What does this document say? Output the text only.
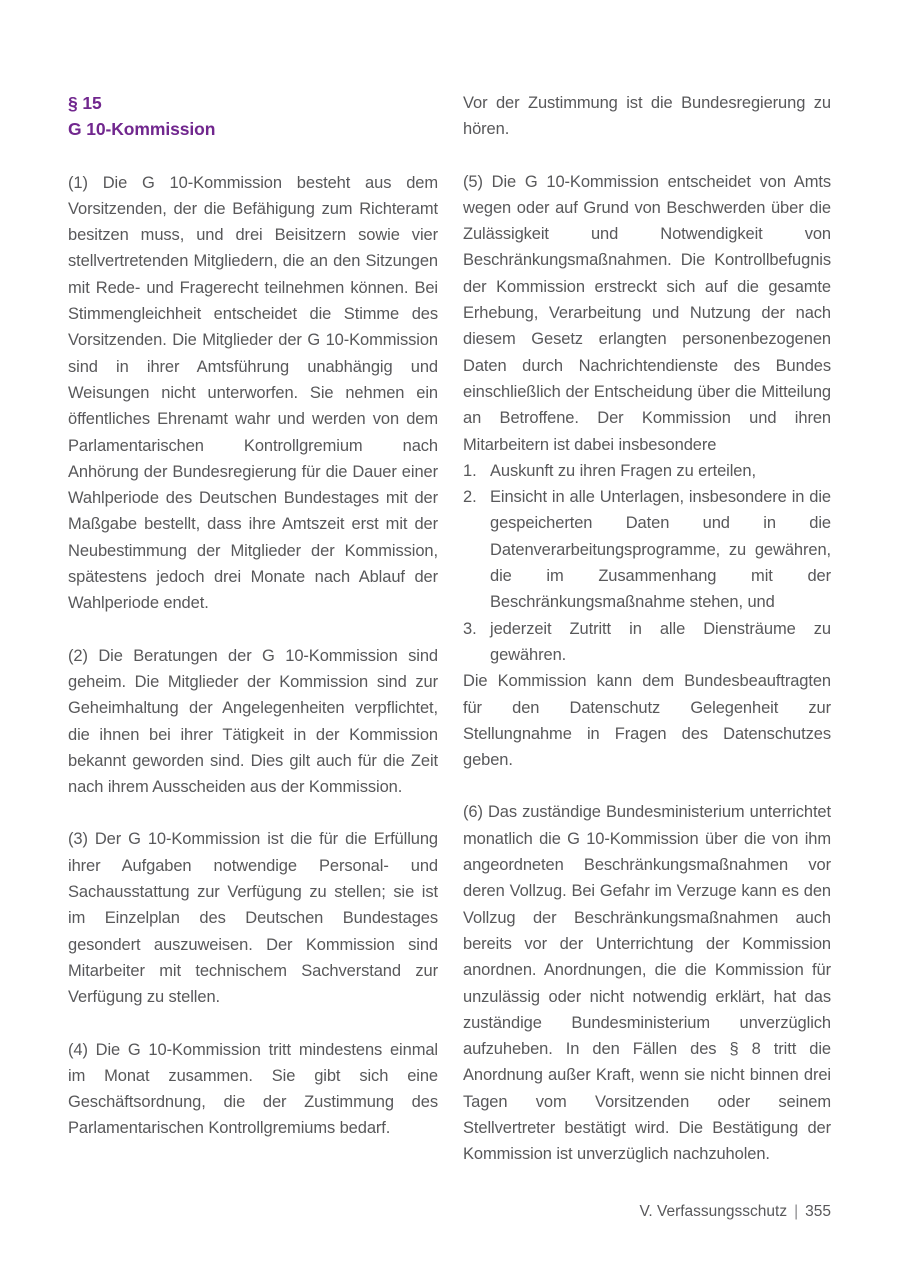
§ 15
G 10-Kommission

(1) Die G 10-Kommission besteht aus dem Vorsitzenden, der die Befähigung zum Richteramt besitzen muss, und drei Beisitzern sowie vier stellvertretenden Mitgliedern, die an den Sitzungen mit Rede- und Fragerecht teilnehmen können. Bei Stimmengleichheit entscheidet die Stimme des Vorsitzenden. Die Mitglieder der G 10-Kommission sind in ihrer Amtsführung unabhängig und Weisungen nicht unterworfen. Sie nehmen ein öffentliches Ehrenamt wahr und werden von dem Parlamentarischen Kontrollgremium nach Anhörung der Bundesregierung für die Dauer einer Wahlperiode des Deutschen Bundestages mit der Maßgabe bestellt, dass ihre Amtszeit erst mit der Neubestimmung der Mitglieder der Kommission, spätestens jedoch drei Monate nach Ablauf der Wahlperiode endet.

(2) Die Beratungen der G 10-Kommission sind geheim. Die Mitglieder der Kommission sind zur Geheimhaltung der Angelegenheiten verpflichtet, die ihnen bei ihrer Tätigkeit in der Kommission bekannt geworden sind. Dies gilt auch für die Zeit nach ihrem Ausscheiden aus der Kommission.

(3) Der G 10-Kommission ist die für die Erfüllung ihrer Aufgaben notwendige Personal- und Sachausstattung zur Verfügung zu stellen; sie ist im Einzelplan des Deutschen Bundestages gesondert auszuweisen. Der Kommission sind Mitarbeiter mit technischem Sachverstand zur Verfügung zu stellen.

(4) Die G 10-Kommission tritt mindestens einmal im Monat zusammen. Sie gibt sich eine Geschäftsordnung, die der Zustimmung des Parlamentarischen Kontrollgremiums bedarf.

Vor der Zustimmung ist die Bundesregierung zu hören.

(5) Die G 10-Kommission entscheidet von Amts wegen oder auf Grund von Beschwerden über die Zulässigkeit und Notwendigkeit von Beschränkungsmaßnahmen. Die Kontrollbefugnis der Kommission erstreckt sich auf die gesamte Erhebung, Verarbeitung und Nutzung der nach diesem Gesetz erlangten personenbezogenen Daten durch Nachrichtendienste des Bundes einschließlich der Entscheidung über die Mitteilung an Betroffene. Der Kommission und ihren Mitarbeitern ist dabei insbesondere

1. Auskunft zu ihren Fragen zu erteilen,
2. Einsicht in alle Unterlagen, insbesondere in die gespeicherten Daten und in die Datenverarbeitungsprogramme, zu gewähren, die im Zusammenhang mit der Beschränkungsmaßnahme stehen, und
3. jederzeit Zutritt in alle Diensträume zu gewähren.

Die Kommission kann dem Bundesbeauftragten für den Datenschutz Gelegenheit zur Stellungnahme in Fragen des Datenschutzes geben.

(6) Das zuständige Bundesministerium unterrichtet monatlich die G 10-Kommission über die von ihm angeordneten Beschränkungsmaßnahmen vor deren Vollzug. Bei Gefahr im Verzuge kann es den Vollzug der Beschränkungsmaßnahmen auch bereits vor der Unterrichtung der Kommission anordnen. Anordnungen, die die Kommission für unzulässig oder nicht notwendig erklärt, hat das zuständige Bundesministerium unverzüglich aufzuheben. In den Fällen des § 8 tritt die Anordnung außer Kraft, wenn sie nicht binnen drei Tagen vom Vorsitzenden oder seinem Stellvertreter bestätigt wird. Die Bestätigung der Kommission ist unverzüglich nachzuholen.

V. Verfassungsschutz | 355
